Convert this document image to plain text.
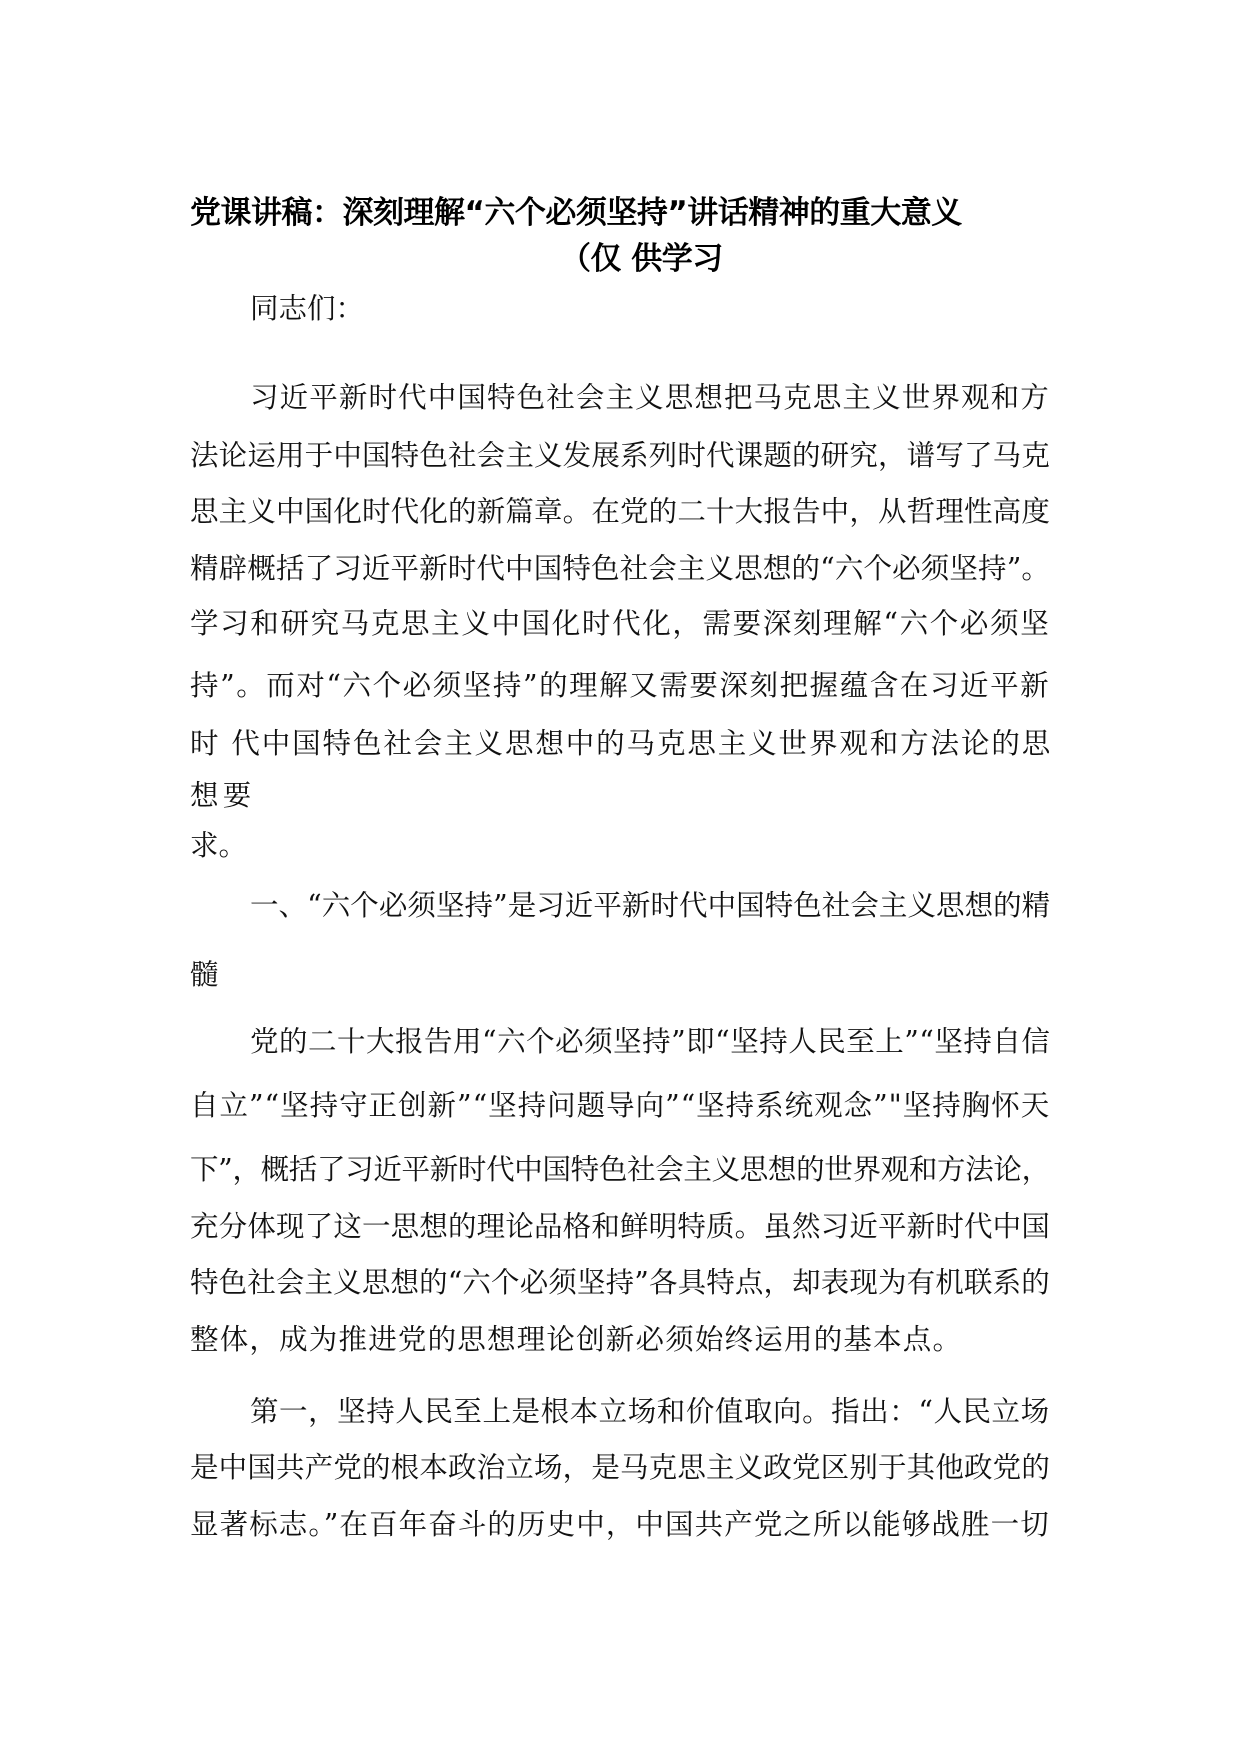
党课讲稿：深刻理解“六个必须坚持”讲话精神的重大意义
（仅 供学习
同志们：
习近平新时代中国特色社会主义思想把马克思主义世界观和方
法论运用于中国特色社会主义发展系列时代课题的研究，谱写了马克
思主义中国化时代化的新篇章。在党的二十大报告中，从哲理性高度
精辟概括了习近平新时代中国特色社会主义思想的“六个必须坚持”。
学习和研究马克思主义中国化时代化，需要深刻理解“六个必须坚
持”。而对“六个必须坚持”的理解又需要深刻把握蕴含在习近平新
时 代中国特色社会主义思想中的马克思主义世界观和方法论的思
想要
求。
一、“六个必须坚持”是习近平新时代中国特色社会主义思想的精
髓
党的二十大报告用“六个必须坚持”即“坚持人民至上”“坚持自信
自立”“坚持守正创新”“坚持问题导向”“坚持系统观念”"坚持胸怀天
下”，概括了习近平新时代中国特色社会主义思想的世界观和方法论，
充分体现了这一思想的理论品格和鲜明特质。虽然习近平新时代中国
特色社会主义思想的“六个必须坚持”各具特点，却表现为有机联系的
整体，成为推进党的思想理论创新必须始终运用的基本点。
第一，坚持人民至上是根本立场和价值取向。指出：“人民立场
是中国共产党的根本政治立场，是马克思主义政党区别于其他政党的
显著标志。”在百年奋斗的历史中，中国共产党之所以能够战胜一切
